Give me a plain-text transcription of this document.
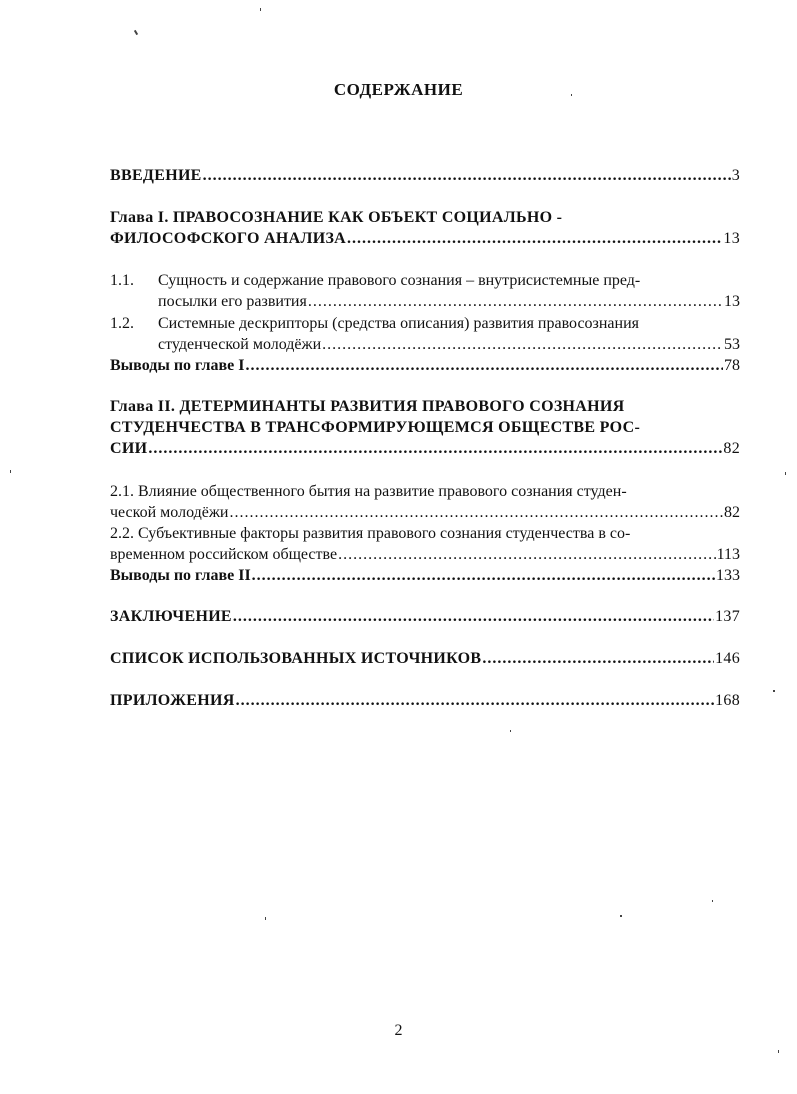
СОДЕРЖАНИЕ
ВВЕДЕНИЕ .....	3
Глава I. ПРАВОСОЗНАНИЕ КАК ОБЪЕКТ СОЦИАЛЬНО -
ФИЛОСОФСКОГО АНАЛИЗА .....	13
1.1. Сущность и содержание правового сознания – внутрисистемные пред-
посылки его развития .....	13
1.2. Системные дескрипторы (средства описания) развития правосознания
студенческой молодёжи .....	53
Выводы по главе I .....	78
Глава II. ДЕТЕРМИНАНТЫ РАЗВИТИЯ ПРАВОВОГО СОЗНАНИЯ
СТУДЕНЧЕСТВА В ТРАНСФОРМИРУЮЩЕМСЯ ОБЩЕСТВЕ РОС-
СИИ .....	82
2.1. Влияние общественного бытия на развитие правового сознания студен-
ческой молодёжи .....	82
2.2. Субъективные факторы развития правового сознания студенчества в со-
временном российском обществе .....	113
Выводы по главе II .....	133
ЗАКЛЮЧЕНИЕ .....	137
СПИСОК ИСПОЛЬЗОВАННЫХ ИСТОЧНИКОВ .....	146
ПРИЛОЖЕНИЯ .....	168
2
